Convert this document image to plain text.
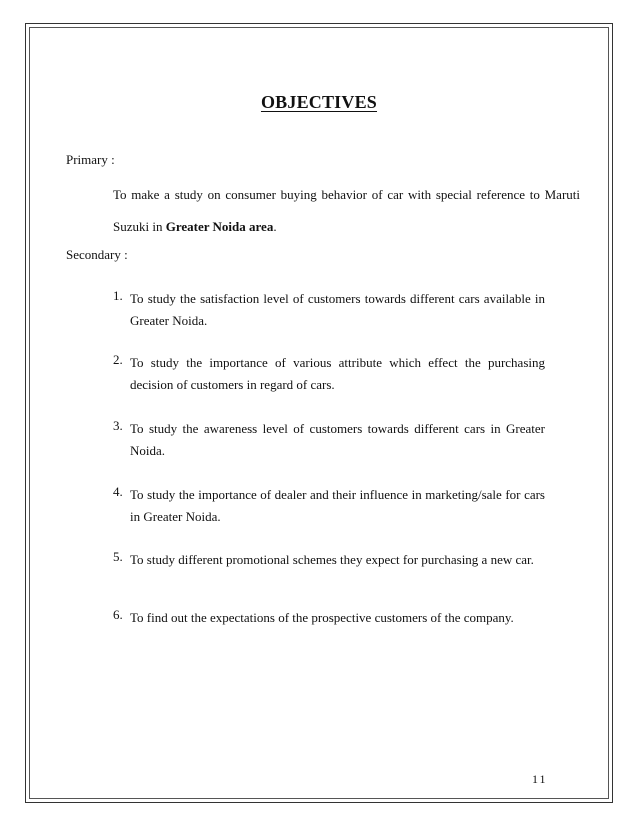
OBJECTIVES
Primary :
To make a study on consumer buying behavior of car with special reference to Maruti
Suzuki in Greater Noida area.
Secondary :
1. To study the satisfaction level of customers towards different cars available in Greater Noida.
2. To study the importance of various attribute which effect the purchasing decision of customers in regard of cars.
3. To study the awareness level of customers towards different cars in Greater Noida.
4. To study the importance of dealer and their influence in marketing/sale for cars in Greater Noida.
5. To study different promotional schemes they expect for purchasing a new car.
6. To find out the expectations of the prospective customers of the company.
11
